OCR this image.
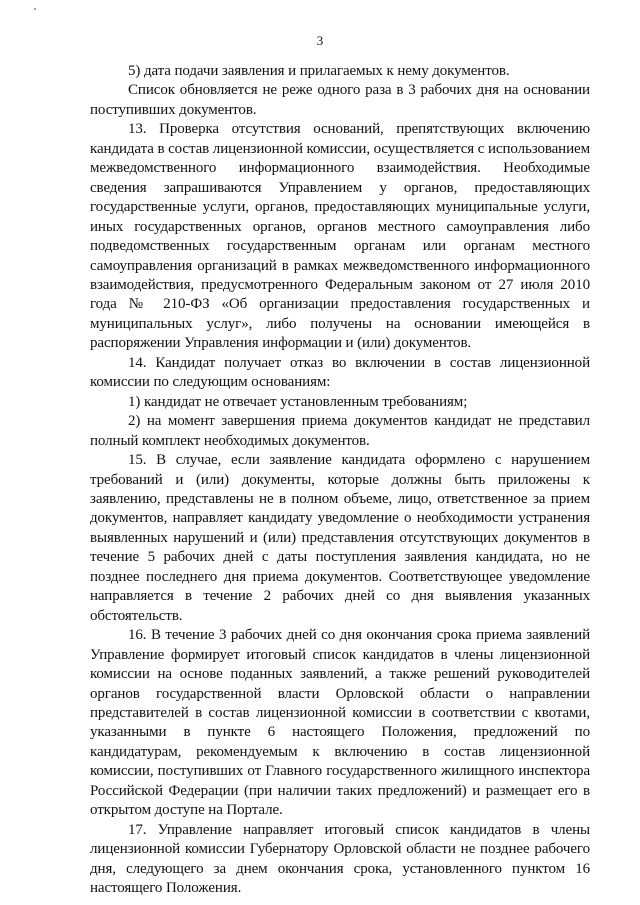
3

5) дата подачи заявления и прилагаемых к нему документов.

Список обновляется не реже одного раза в 3 рабочих дня на основании поступивших документов.

13. Проверка отсутствия оснований, препятствующих включению кандидата в состав лицензионной комиссии, осуществляется с использованием межведомственного информационного взаимодействия. Необходимые сведения запрашиваются Управлением у органов, предоставляющих государственные услуги, органов, предоставляющих муниципальные услуги, иных государственных органов, органов местного самоуправления либо подведомственных государственным органам или органам местного самоуправления организаций в рамках межведомственного информационного взаимодействия, предусмотренного Федеральным законом от 27 июля 2010 года № 210-ФЗ «Об организации предоставления государственных и муниципальных услуг», либо получены на основании имеющейся в распоряжении Управления информации и (или) документов.

14. Кандидат получает отказ во включении в состав лицензионной комиссии по следующим основаниям:

1) кандидат не отвечает установленным требованиям;

2) на момент завершения приема документов кандидат не представил полный комплект необходимых документов.

15. В случае, если заявление кандидата оформлено с нарушением требований и (или) документы, которые должны быть приложены к заявлению, представлены не в полном объеме, лицо, ответственное за прием документов, направляет кандидату уведомление о необходимости устранения выявленных нарушений и (или) представления отсутствующих документов в течение 5 рабочих дней с даты поступления заявления кандидата, но не позднее последнего дня приема документов. Соответствующее уведомление направляется в течение 2 рабочих дней со дня выявления указанных обстоятельств.

16. В течение 3 рабочих дней со дня окончания срока приема заявлений Управление формирует итоговый список кандидатов в члены лицензионной комиссии на основе поданных заявлений, а также решений руководителей органов государственной власти Орловской области о направлении представителей в состав лицензионной комиссии в соответствии с квотами, указанными в пункте 6 настоящего Положения, предложений по кандидатурам, рекомендуемым к включению в состав лицензионной комиссии, поступивших от Главного государственного жилищного инспектора Российской Федерации (при наличии таких предложений) и размещает его в открытом доступе на Портале.

17. Управление направляет итоговый список кандидатов в члены лицензионной комиссии Губернатору Орловской области не позднее рабочего дня, следующего за днем окончания срока, установленного пунктом 16 настоящего Положения.
